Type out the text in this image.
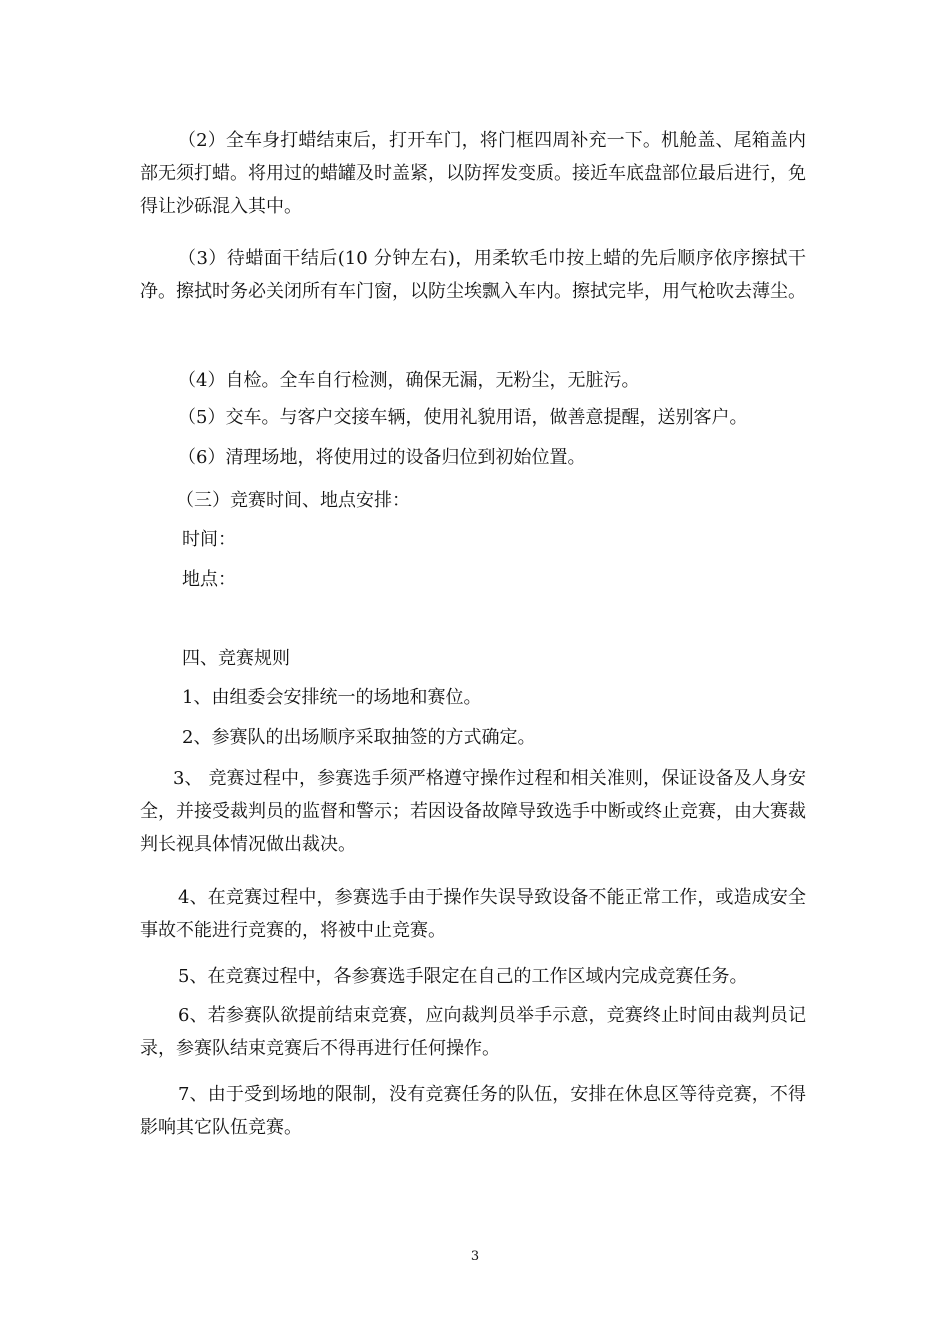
（2）全车身打蜡结束后，打开车门，将门框四周补充一下。机舱盖、尾箱盖内部无须打蜡。将用过的蜡罐及时盖紧，以防挥发变质。接近车底盘部位最后进行，免得让沙砾混入其中。

（3）待蜡面干结后(10 分钟左右)，用柔软毛巾按上蜡的先后顺序依序擦拭干净。擦拭时务必关闭所有车门窗，以防尘埃飘入车内。擦拭完毕，用气枪吹去薄尘。

（4）自检。全车自行检测，确保无漏，无粉尘，无脏污。

（5）交车。与客户交接车辆，使用礼貌用语，做善意提醒，送别客户。

（6）清理场地，将使用过的设备归位到初始位置。

（三）竞赛时间、地点安排：

时间：

地点：

四、竞赛规则

1、由组委会安排统一的场地和赛位。

2、参赛队的出场顺序采取抽签的方式确定。

3、 竞赛过程中，参赛选手须严格遵守操作过程和相关准则，保证设备及人身安全，并接受裁判员的监督和警示；若因设备故障导致选手中断或终止竞赛，由大赛裁判长视具体情况做出裁决。

4、在竞赛过程中，参赛选手由于操作失误导致设备不能正常工作，或造成安全事故不能进行竞赛的，将被中止竞赛。

5、在竞赛过程中，各参赛选手限定在自己的工作区域内完成竞赛任务。

6、若参赛队欲提前结束竞赛，应向裁判员举手示意，竞赛终止时间由裁判员记录，参赛队结束竞赛后不得再进行任何操作。

7、由于受到场地的限制，没有竞赛任务的队伍，安排在休息区等待竞赛，不得影响其它队伍竞赛。

3
